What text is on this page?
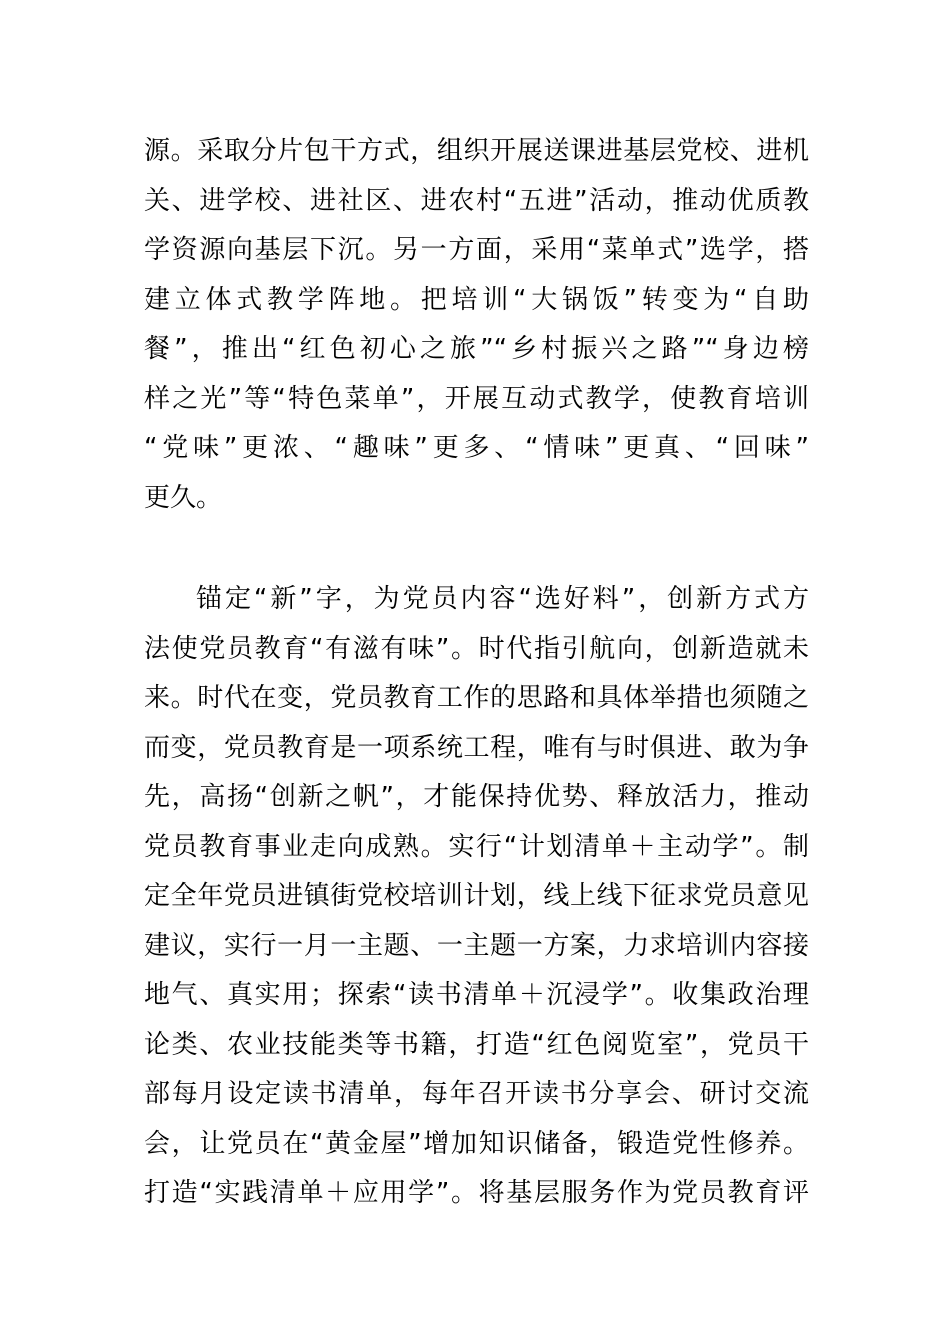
源。采取分片包干方式，组织开展送课进基层党校、进机
关、进学校、进社区、进农村“五进”活动，推动优质教
学资源向基层下沉。另一方面，采用“菜单式”选学，搭
建立体式教学阵地。把培训“大锅饭”转变为“自助
餐”，推出“红色初心之旅”“乡村振兴之路”“身边榜
样之光”等“特色菜单”，开展互动式教学，使教育培训
“党味”更浓、“趣味”更多、“情味”更真、“回味”
更久。
锚定“新”字，为党员内容“选好料”，创新方式方
法使党员教育“有滋有味”。时代指引航向，创新造就未
来。时代在变，党员教育工作的思路和具体举措也须随之
而变，党员教育是一项系统工程，唯有与时俱进、敢为争
先，高扬“创新之帆”，才能保持优势、释放活力，推动
党员教育事业走向成熟。实行“计划清单＋主动学”。制
定全年党员进镇街党校培训计划，线上线下征求党员意见
建议，实行一月一主题、一主题一方案，力求培训内容接
地气、真实用；探索“读书清单＋沉浸学”。收集政治理
论类、农业技能类等书籍，打造“红色阅览室”，党员干
部每月设定读书清单，每年召开读书分享会、研讨交流
会，让党员在“黄金屋”增加知识储备，锻造党性修养。
打造“实践清单＋应用学”。将基层服务作为党员教育评
